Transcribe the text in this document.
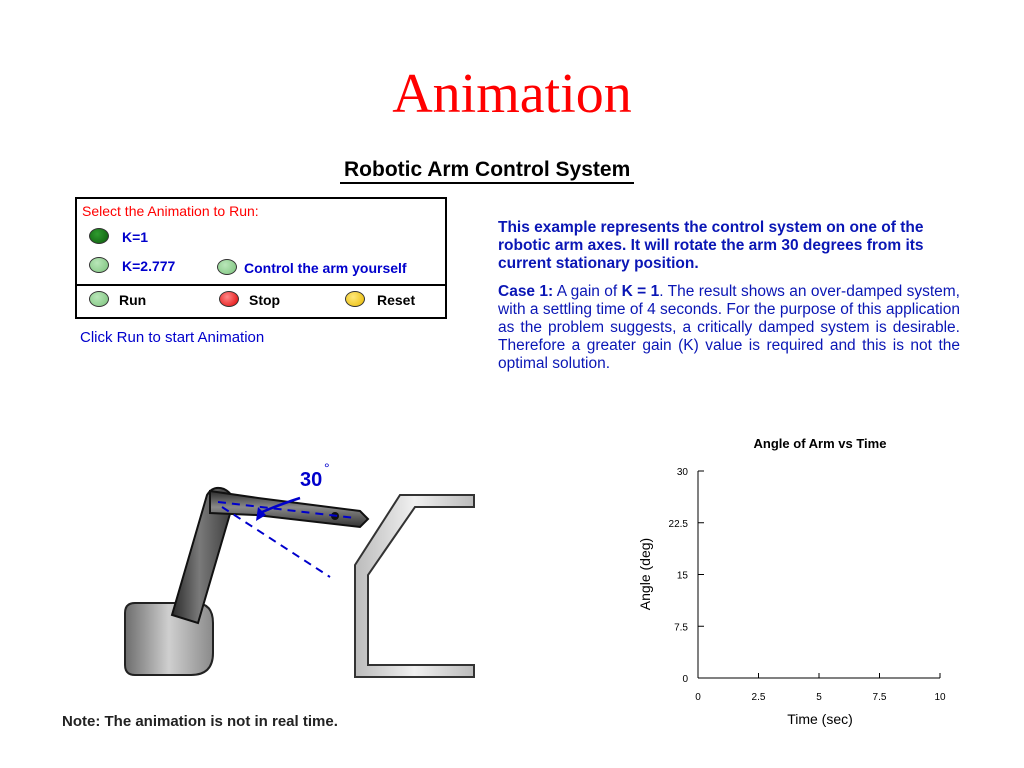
Animation
Robotic Arm Control System
Select the Animation to Run:
K=1
K=2.777	Control the arm yourself
Run	Stop	Reset
Click Run to start Animation

This example represents the control system on one of the robotic arm axes. It will rotate the arm 30 degrees from its current stationary position.

Case 1: A gain of K = 1. The result shows an over-damped system, with a settling time of 4 seconds. For the purpose of this application as the problem suggests, a critically damped system is desirable. Therefore a greater gain (K) value is required and this is not the optimal solution.

30
°
Note: The animation is not in real time.
Angle of Arm vs Time
Angle (deg)
Time (sec)
0	2.5	5	7.5	10
0
7.5
15
22.5
30
